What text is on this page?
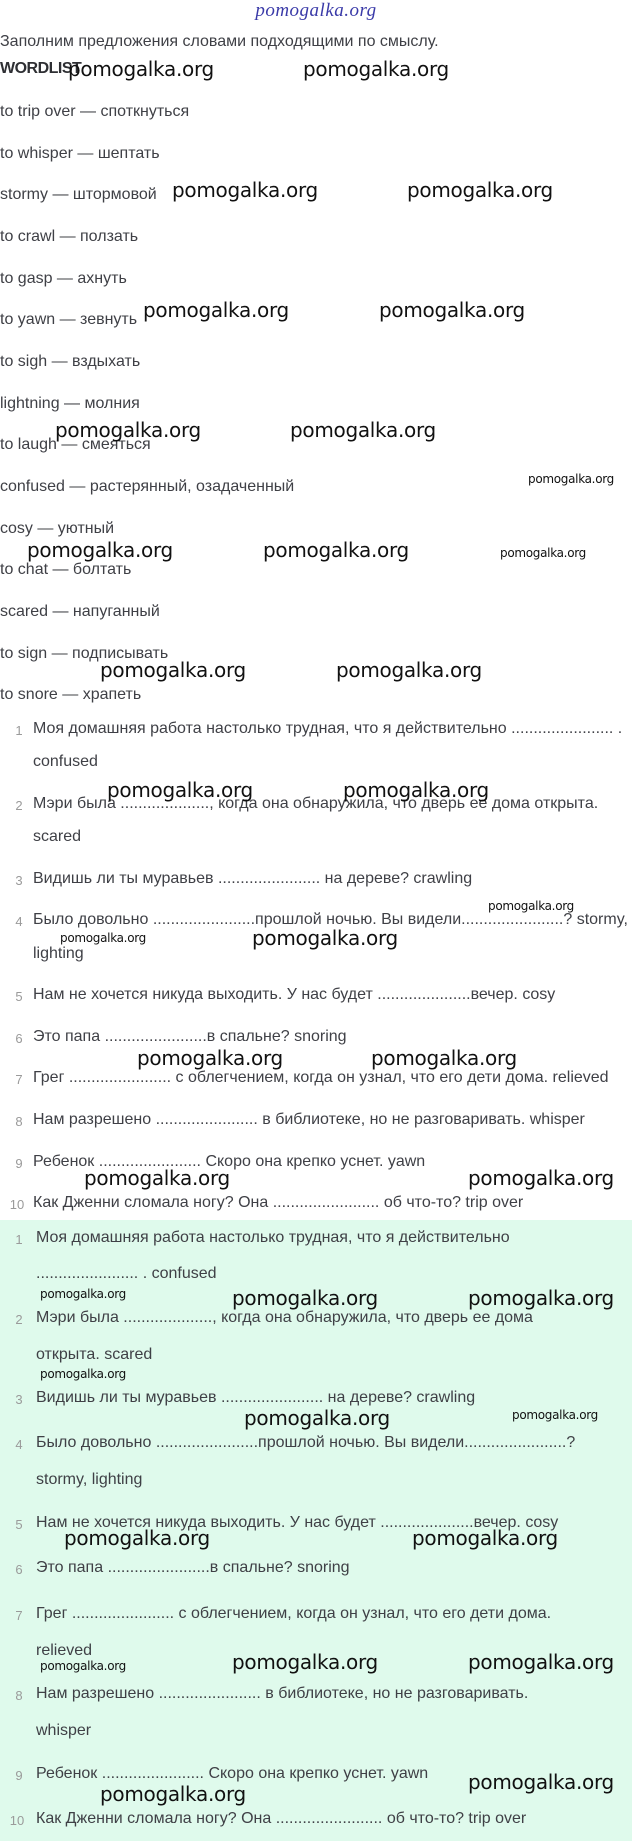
pomogalka.org
Заполним предложения словами подходящими по смыслу.
WORDLIST
to trip over — споткнуться
to whisper — шептать
stormy — штормовой
to crawl — ползать
to gasp — ахнуть
to yawn — зевнуть
to sigh — вздыхать
lightning — молния
to laugh — смеяться
confused — растерянный, озадаченный
cosy — уютный
to chat — болтать
scared — напуганный
to sign — подписывать
to snore — храпеть
1 Моя домашняя работа настолько трудная, что я действительно ....................... .
confused
2 Мэри была ...................., когда она обнаружила, что дверь ее дома открыта.
scared
3 Видишь ли ты муравьев ....................... на дереве? crawling
4 Было довольно .......................прошлой ночью. Вы видели.......................? stormy,
lighting
5 Нам не хочется никуда выходить. У нас будет .....................вечер. cosy
6 Это папа .......................в спальне? snoring
7 Грег ....................... с облегчением, когда он узнал, что его дети дома. relieved
8 Нам разрешено ....................... в библиотеке, но не разговаривать. whisper
9 Ребенок ....................... Скоро она крепко уснет. yawn
10 Как Дженни сломала ногу? Она ........................ об что-то? trip over
1 Моя домашняя работа настолько трудная, что я действительно
....................... . confused
2 Мэри была ...................., когда она обнаружила, что дверь ее дома
открыта. scared
3 Видишь ли ты муравьев ....................... на дереве? crawling
4 Было довольно .......................прошлой ночью. Вы видели.......................?
stormy, lighting
5 Нам не хочется никуда выходить. У нас будет .....................вечер. cosy
6 Это папа .......................в спальне? snoring
7 Грег ....................... с облегчением, когда он узнал, что его дети дома.
relieved
8 Нам разрешено ....................... в библиотеке, но не разговаривать.
whisper
9 Ребенок ....................... Скоро она крепко уснет. yawn
10 Как Дженни сломала ногу? Она ........................ об что-то? trip over
pomogalka.org	pomogalka.org
pomogalka.org	pomogalka.org
pomogalka.org	pomogalka.org
pomogalka.org	pomogalka.org
pomogalka.org
pomogalka.org	pomogalka.org	pomogalka.org
pomogalka.org	pomogalka.org
pomogalka.org	pomogalka.org
pomogalka.org
pomogalka.org	pomogalka.org
pomogalka.org	pomogalka.org
pomogalka.org	pomogalka.org
pomogalka.org	pomogalka.org	pomogalka.org
pomogalka.org
pomogalka.org
pomogalka.org
pomogalka.org	pomogalka.org
pomogalka.org	pomogalka.org	pomogalka.org
pomogalka.org
pomogalka.org
